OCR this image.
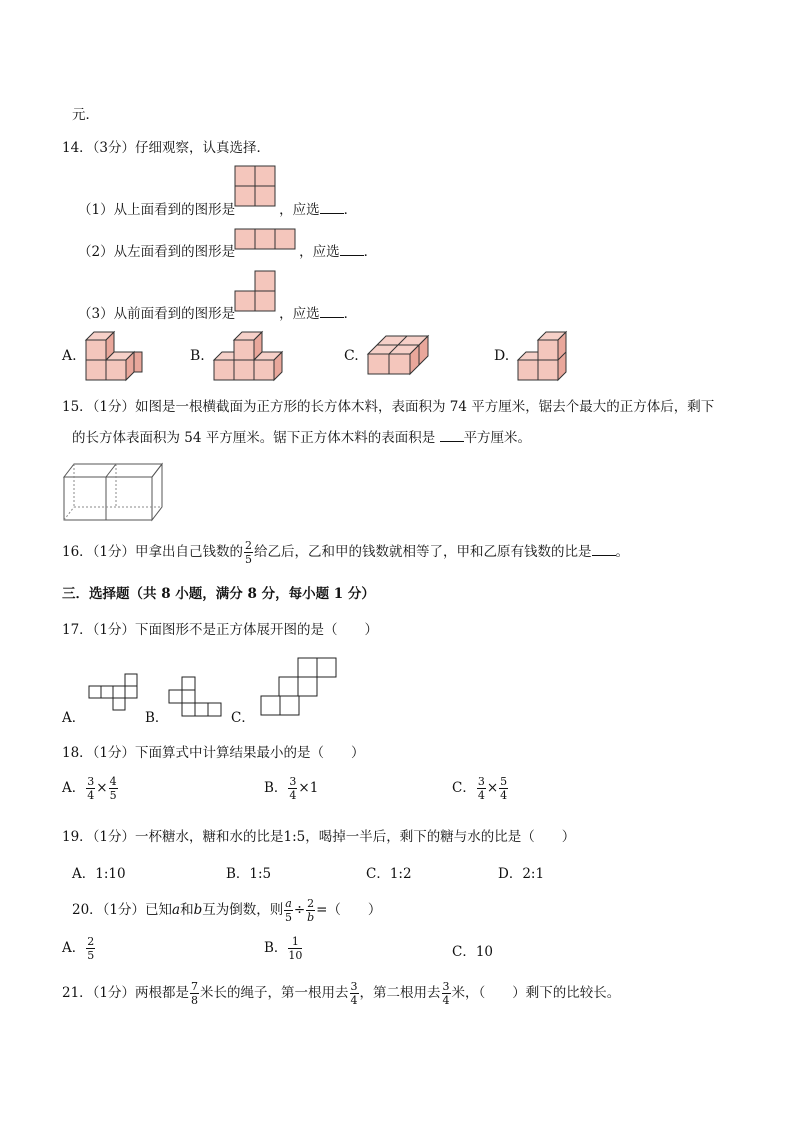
元．
14．（3分）仔细观察，认真选择．
（1）从上面看到的图形是	，应选 ．
（2）从左面看到的图形是	，应选 ．
（3）从前面看到的图形是	，应选 ．
A.	B.	C.	D.
15．（1分）如图是一根横截面为正方形的长方体木料，表面积为 74 平方厘米，锯去个最大的正方体后，剩下
的长方体表面积为 54 平方厘米。锯下正方体木料的表面积是 平方厘米。
16．（1分）甲拿出自己钱数的 $\frac{2}{5}$ 给乙后，乙和甲的钱数就相等了，甲和乙原有钱数的比是 。
三．选择题（共 8 小题，满分 8 分，每小题 1 分）
17．（1分）下面图形不是正方体展开图的是（　　）
A．	B．	C．
18．（1分）下面算式中计算结果最小的是（　　）
A． $\frac{3}{4} \times \frac{4}{5}$	B． $\frac{3}{4} \times 1$	C． $\frac{3}{4} \times \frac{5}{4}$
19．（1分）一杯糖水，糖和水的比是1:5，喝掉一半后，剩下的糖与水的比是（　　）
A．1:10	B．1:5	C．1:2	D．2:1
20．（1分）已知a和b互为倒数，则 $\frac{a}{5} \div \frac{2}{b}$ =（　　）
A． $\frac{2}{5}$	B． $\frac{1}{10}$	C．10
21．（1分）两根都是 $\frac{7}{8}$ 米长的绳子，第一根用去 $\frac{3}{4}$ ，第二根用去 $\frac{3}{4}$ 米，（　　）剩下的比较长。
